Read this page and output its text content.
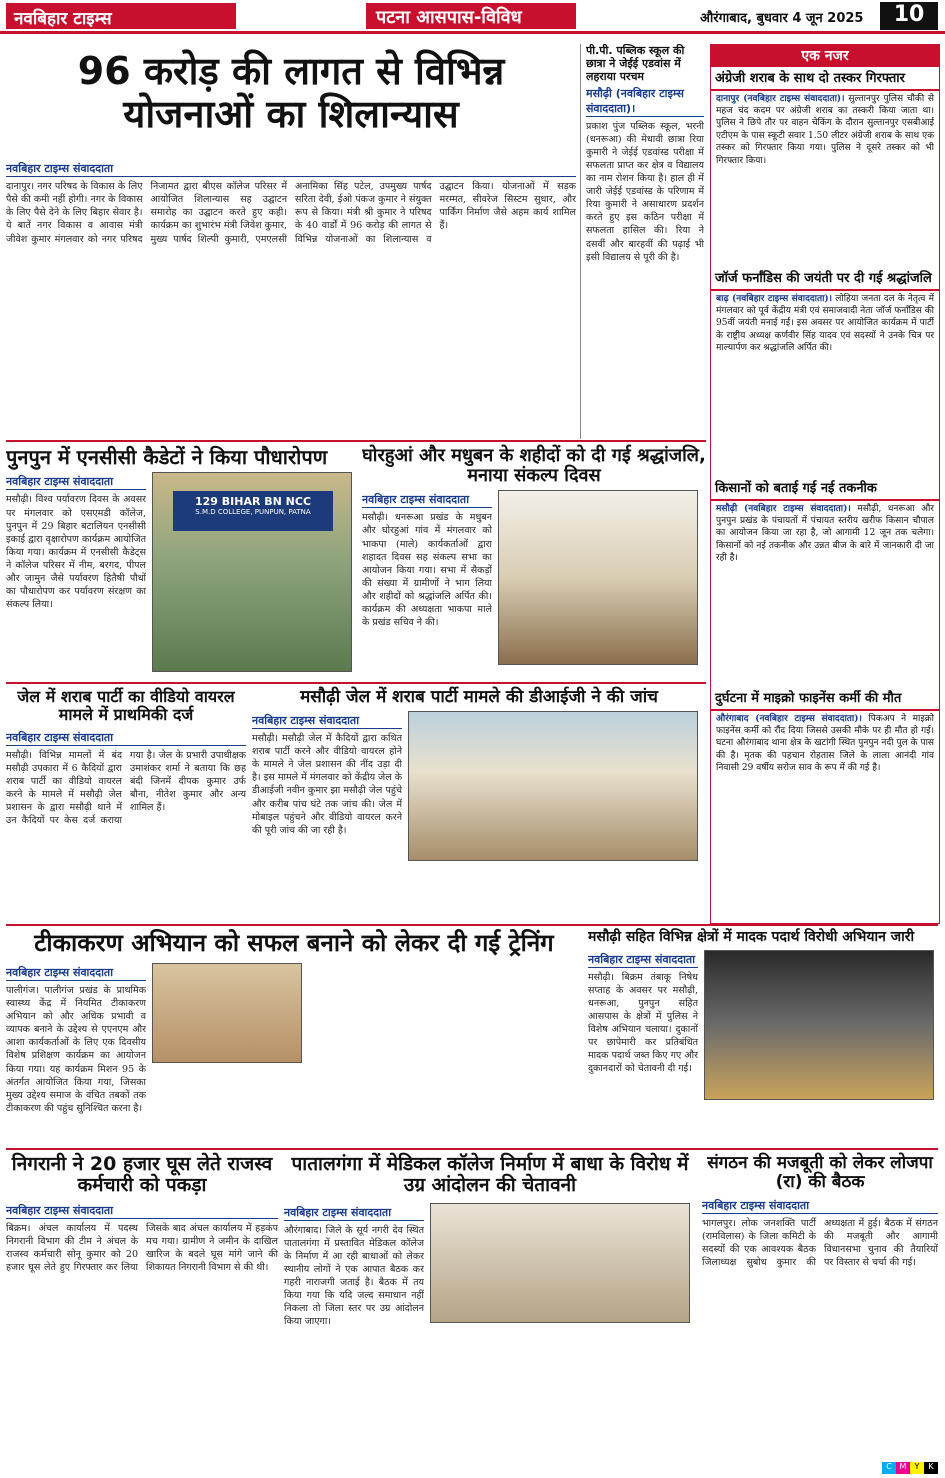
नवबिहार टाइम्स	पटना आसपास-विविध	औरंगाबाद, बुधवार 4 जून 2025	10
96 करोड़ की लागत से विभिन्न योजनाओं का शिलान्यास
नवबिहार टाइम्स संवाददाता

दानापुर। नगर परिषद के विकास के लिए पैसे की कमी नहीं होगी। नगर के विकास के लिए पैसे देने के लिए बिहार सेवार है। ये बातें नगर विकास व आवास मंत्री जीवेश कुमार मंगलवार को नगर परिषद निजामत द्वारा बीएस कॉलेज परिसर में आयोजित शिलान्यास सह उद्घाटन समारोह का उद्घाटन करते हुए कही। कार्यक्रम का शुभारंभ मंत्री जिवेश कुमार, मुख्य पार्षद शिल्पी कुमारी, एमएलसी अनामिका सिंह पटेल, उपमुख्य पार्षद सरिता देवी, ईओ पंकज कुमार ने संयुक्त रूप से किया। मंत्री श्री कुमार ने परिषद के 40 वार्डों में 96 करोड़ की लागत से विभिन्न योजनाओं का शिलान्यास व उद्घाटन किया। योजनाओं में सड़क मरम्मत, सीवरेज सिस्टम सुधार, और पार्किंग निर्माण जैसे अहम कार्य शामिल हैं।

पी.पी. पब्लिक स्कूल की छात्रा ने जेईई एडवांस में लहराया परचम
मसौढ़ी (नवबिहार टाइम्स संवाददाता)।

प्रकाश पुंज पब्लिक स्कूल, भरनी (धनरूआ) की मेधावी छात्रा रिया कुमारी ने जेईई एडवांस्ड परीक्षा में सफलता प्राप्त कर क्षेत्र व विद्यालय का नाम रोशन किया है। हाल ही में जारी जेईई एडवांस्ड के परिणाम में रिया कुमारी ने असाधारण प्रदर्शन करते हुए इस कठिन परीक्षा में सफलता हासिल की। रिया ने दसवीं और बारहवीं की पढ़ाई भी इसी विद्यालय से पूरी की है।

एक नजर
अंग्रेजी शराब के साथ दो तस्कर गिरफ्तार

दानापुर (नवबिहार टाइम्स संवाददाता)। सुल्तानपुर पुलिस चौकी से महज चंद कदम पर अंग्रेजी शराब का तस्करी किया जाता था। पुलिस ने छिपे तौर पर वाहन चेकिंग के दौरान सुल्तानपुर एसबीआई एटीएम के पास स्कूटी सवार 1.50 लीटर अंग्रेजी शराब के साथ एक तस्कर को गिरफ्तार किया गया। पुलिस ने दूसरे तस्कर को भी गिरफ्तार किया।

जॉर्ज फर्नांडिस की जयंती पर दी गई श्रद्धांजलि

बाढ़ (नवबिहार टाइम्स संवाददाता)। लोहिया जनता दल के नेतृत्व में मंगलवार को पूर्व केंद्रीय मंत्री एवं समाजवादी नेता जॉर्ज फर्नांडिस की 95वीं जयंती मनाई गई। इस अवसर पर आयोजित कार्यक्रम में पार्टी के राष्ट्रीय अध्यक्ष कर्णवीर सिंह यादव एवं सदस्यों ने उनके चित्र पर माल्यार्पण कर श्रद्धांजलि अर्पित की।

किसानों को बताई गई नई तकनीक

मसौढ़ी (नवबिहार टाइम्स संवाददाता)। मसौढ़ी, धनरूआ और पुनपुन प्रखंड के पंचायतों में पंचायत स्तरीय खरीफ किसान चौपाल का आयोजन किया जा रहा है, जो आगामी 12 जून तक चलेगा। किसानों को नई तकनीक और उन्नत बीज के बारे में जानकारी दी जा रही है।

दुर्घटना में माइक्रो फाइनेंस कर्मी की मौत

औरंगाबाद (नवबिहार टाइम्स संवाददाता)। पिकअप ने माइक्रो फाइनेंस कर्मी को रौंद दिया जिससे उसकी मौके पर ही मौत हो गई। घटना औरंगाबाद थाना क्षेत्र के खटांगी स्थित पुनपुन नदी पुल के पास की है। मृतक की पहचान रोहतास जिले के लाला आनंदी गांव निवासी 29 वर्षीय सरोज साव के रूप में की गई है।

पुनपुन में एनसीसी कैडेटों ने किया पौधारोपण
नवबिहार टाइम्स संवाददाता

मसौढ़ी। विश्व पर्यावरण दिवस के अवसर पर मंगलवार को एसएमडी कॉलेज, पुनपुन में 29 बिहार बटालियन एनसीसी इकाई द्वारा वृक्षारोपण कार्यक्रम आयोजित किया गया। कार्यक्रम में एनसीसी कैडेट्स ने कॉलेज परिसर में नीम, बरगद, पीपल और जामुन जैसे पर्यावरण हितैषी पौधों का पौधारोपण कर पर्यावरण संरक्षण का संकल्प लिया।

129 BIHAR BN NCC
S.M.D COLLEGE, PUNPUN, PATNA
घोरहुआं और मधुबन के शहीदों को दी गई श्रद्धांजलि, मनाया संकल्प दिवस
नवबिहार टाइम्स संवाददाता

मसौढ़ी। धनरूआ प्रखंड के मधुबन और घोरहुआं गांव में मंगलवार को भाकपा (माले) कार्यकर्ताओं द्वारा शहादत दिवस सह संकल्प सभा का आयोजन किया गया। सभा में सैकड़ों की संख्या में ग्रामीणों ने भाग लिया और शहीदों को श्रद्धांजलि अर्पित की। कार्यक्रम की अध्यक्षता भाकपा माले के प्रखंड सचिव ने की।

जेल में शराब पार्टी का वीडियो वायरल मामले में प्राथमिकी दर्ज
नवबिहार टाइम्स संवाददाता

मसौढ़ी। विभिन्न मामलों में बंद मसौढ़ी उपकारा में 6 कैदियों द्वारा शराब पार्टी का वीडियो वायरल करने के मामले में मसौढ़ी जेल प्रशासन के द्वारा मसौढ़ी थाने में उन कैदियों पर केस दर्ज कराया गया है। जेल के प्रभारी उपाधीक्षक उमाशंकर शर्मा ने बताया कि छह बंदी जिनमें दीपक कुमार उर्फ बौना, नीतेश कुमार और अन्य शामिल हैं।

मसौढ़ी जेल में शराब पार्टी मामले की डीआईजी ने की जांच
नवबिहार टाइम्स संवाददाता

मसौढ़ी। मसौढ़ी जेल में कैदियों द्वारा कथित शराब पार्टी करने और वीडियो वायरल होने के मामले ने जेल प्रशासन की नींद उड़ा दी है। इस मामले में मंगलवार को केंद्रीय जेल के डीआईजी नवीन कुमार झा मसौढ़ी जेल पहुंचे और करीब पांच घंटे तक जांच की। जेल में मोबाइल पहुंचने और वीडियो वायरल करने की पूरी जांच की जा रही है।

टीकाकरण अभियान को सफल बनाने को लेकर दी गई ट्रेनिंग
नवबिहार टाइम्स संवाददाता

पालीगंज। पालीगंज प्रखंड के प्राथमिक स्वास्थ्य केंद्र में नियमित टीकाकरण अभियान को और अधिक प्रभावी व व्यापक बनाने के उद्देश्य से एएनएम और आशा कार्यकर्ताओं के लिए एक दिवसीय विशेष प्रशिक्षण कार्यक्रम का आयोजन किया गया। यह कार्यक्रम मिशन 95 के अंतर्गत आयोजित किया गया, जिसका मुख्य उद्देश्य समाज के वंचित तबकों तक टीकाकरण की पहुंच सुनिश्चित करना है।

मसौढ़ी सहित विभिन्न क्षेत्रों में मादक पदार्थ विरोधी अभियान जारी
नवबिहार टाइम्स संवाददाता

मसौढ़ी। बिक्रम तंबाकू निषेध सप्ताह के अवसर पर मसौढ़ी, धनरूआ, पुनपुन सहित आसपास के क्षेत्रों में पुलिस ने विशेष अभियान चलाया। दुकानों पर छापेमारी कर प्रतिबंधित मादक पदार्थ जब्त किए गए और दुकानदारों को चेतावनी दी गई।

निगरानी ने 20 हजार घूस लेते राजस्व कर्मचारी को पकड़ा
नवबिहार टाइम्स संवाददाता

बिक्रम। अंचल कार्यालय में पदस्थ निगरानी विभाग की टीम ने अंचल के राजस्व कर्मचारी सोनू कुमार को 20 हजार घूस लेते हुए गिरफ्तार कर लिया जिसके बाद अंचल कार्यालय में हड़कंप मच गया। ग्रामीण ने जमीन के दाखिल खारिज के बदले घूस मांगे जाने की शिकायत निगरानी विभाग से की थी।

पातालगंगा में मेडिकल कॉलेज निर्माण में बाधा के विरोध में उग्र आंदोलन की चेतावनी
नवबिहार टाइम्स संवाददाता

औरंगाबाद। जिले के सूर्य नगरी देव स्थित पातालगंगा में प्रस्तावित मेडिकल कॉलेज के निर्माण में आ रही बाधाओं को लेकर स्थानीय लोगों ने एक आपात बैठक कर गहरी नाराजगी जताई है। बैठक में तय किया गया कि यदि जल्द समाधान नहीं निकला तो जिला स्तर पर उग्र आंदोलन किया जाएगा।

संगठन की मजबूती को लेकर लोजपा (रा) की बैठक
नवबिहार टाइम्स संवाददाता

भागलपुर। लोक जनशक्ति पार्टी (रामविलास) के जिला कमिटी के सदस्यों की एक आवश्यक बैठक जिलाध्यक्ष सुबोध कुमार की अध्यक्षता में हुई। बैठक में संगठन की मजबूती और आगामी विधानसभा चुनाव की तैयारियों पर विस्तार से चर्चा की गई।

C M	Y	K
